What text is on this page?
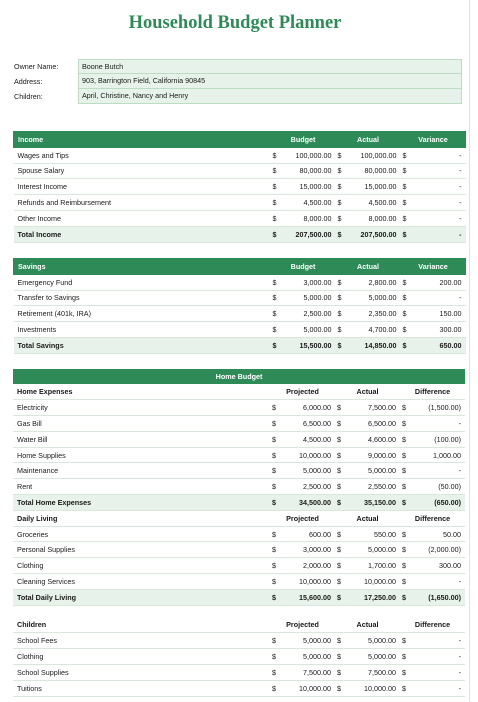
Household Budget Planner
Owner Name:	Boone Butch
Address:	903, Barrington Field, California 90845
Children:	April, Christine, Nancy and Henry
Income	Budget		Actual		Variance	
Wages and Tips	$	100,000.00	$	100,000.00	$	-
Spouse Salary	$	80,000.00	$	80,000.00	$	-
Interest Income	$	15,000.00	$	15,000.00	$	-
Refunds and Reimbursement	$	4,500.00	$	4,500.00	$	-
Other Income	$	8,000.00	$	8,000.00	$	-
Total Income	$	207,500.00	$	207,500.00	$	-
Savings	Budget		Actual		Variance	
Emergency Fund	$	3,000.00	$	2,800.00	$	200.00
Transfer to Savings	$	5,000.00	$	5,000.00	$	-
Retirement (401k, IRA)	$	2,500.00	$	2,350.00	$	150.00
Investments	$	5,000.00	$	4,700.00	$	300.00
Total Savings	$	15,500.00	$	14,850.00	$	650.00
Home Budget						
Home Expenses	Projected		Actual		Difference	
Electricity	$	6,000.00	$	7,500.00	$	(1,500.00)
Gas Bill	$	6,500.00	$	6,500.00	$	-
Water Bill	$	4,500.00	$	4,600.00	$	(100.00)
Home Supplies	$	10,000.00	$	9,000.00	$	1,000.00
Maintenance	$	5,000.00	$	5,000.00	$	-
Rent	$	2,500.00	$	2,550.00	$	(50.00)
Total Home Expenses	$	34,500.00	$	35,150.00	$	(650.00)
Daily Living	Projected		Actual		Difference	
Groceries	$	600.00	$	550.00	$	50.00
Personal Supplies	$	3,000.00	$	5,000.00	$	(2,000.00)
Clothing	$	2,000.00	$	1,700.00	$	300.00
Cleaning Services	$	10,000.00	$	10,000.00	$	-
Total Daily Living	$	15,600.00	$	17,250.00	$	(1,650.00)

Children	Projected		Actual		Difference	
School Fees	$	5,000.00	$	5,000.00	$	-
Clothing	$	5,000.00	$	5,000.00	$	-
School Supplies	$	7,500.00	$	7,500.00	$	-
Tuitions	$	10,000.00	$	10,000.00	$	-
